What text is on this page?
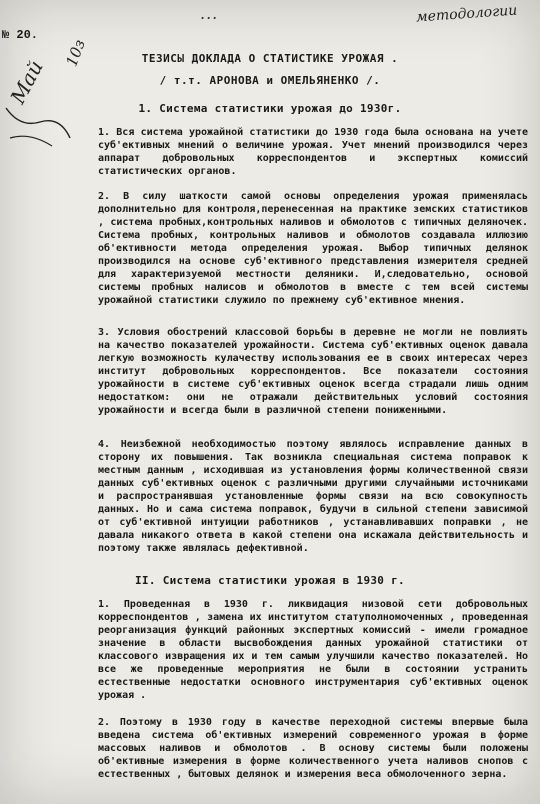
№ 20.
...	методологии
10з
Май	ТЕЗИСЫ ДОКЛАДА О СТАТИСТИКЕ УРОЖАЯ .
/ т.т. АРОНОВА и ОМЕЛЬЯНЕНКО /.
1. Система статистики урожая до 1930г.
1. Вся система урожайной статистики до 1930 года была основана на учете суб'ективных мнений о величине урожая. Учет мнений производился через аппарат добровольных корреспондентов и экспертных комиссий статистических органов.
2. В силу шаткости самой основы определения урожая применялась дополнительно для контроля,перенесенная на практике земских статистиков , система пробных,контрольных наливов и обмолотов с типичных деляночек. Система пробных, контрольных наливов и обмолотов создавала иллюзию об'ективности метода определения урожая. Выбор типичных делянок производился на основе суб'ективного представления измерителя средней для характеризуемой местности деляники. И,следовательно, основой системы пробных налисов и обмолотов в вместе с тем всей системы урожайной статистики служило по прежнему суб'ективное мнения.
3. Условия обострений классовой борьбы в деревне не могли не повлиять на качество показателей урожайности. Система суб'ективных оценок давала легкую возможность кулачеству использования ее в своих интересах через институт добровольных корреспондентов. Все показатели состояния урожайности в системе суб'ективных оценок всегда страдали лишь одним недостатком: они не отражали действительных условий состояния урожайности и всегда были в различной степени пониженными.
4. Неизбежной необходимостью поэтому являлось исправление данных в сторону их повышения. Так возникла специальная система поправок к местным данным , исходившая из установления формы количественной связи данных суб'ективных оценок с различными другими случайными источниками и распространявшая установленные формы связи на всю совокупность данных. Но и сама система поправок, будучи в сильной степени зависимой от суб'ективной интуиции работников , устанавливавших поправки , не давала никакого ответа в какой степени она искажала действительность и поэтому также являлась дефективной.
II. Система статистики урожая в 1930 г.
1. Проведенная в 1930 г. ликвидация низовой сети добровольных корреспондентов , замена их институтом статуполномоченных , проведенная реорганизация функций районных экспертных комиссий - имели громадное значение в области высвобождения данных урожайной статистики от классового извращения их и тем самым улучшили качество показателей. Но все же проведенные мероприятия не были в состоянии устранить естественные недостатки основного инструментария суб'ективных оценок урожая .
2. Поэтому в 1930 году в качестве переходной системы впервые была введена система об'ективных измерений современного урожая в форме массовых наливов и обмолотов . В основу системы были положены об'ективные измерения в форме количественного учета наливов снопов с естественных , бытовых делянок и измерения веса обмолоченного зерна.
